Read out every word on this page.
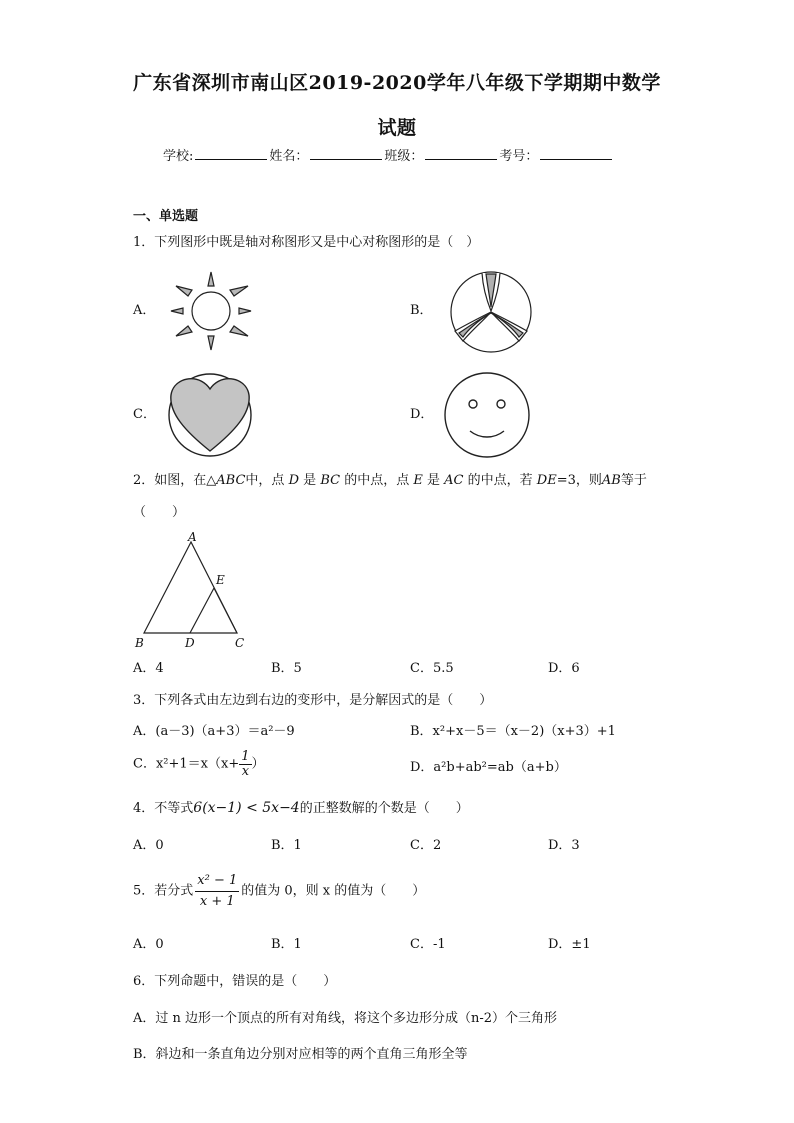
广东省深圳市南山区2019-2020学年八年级下学期期中数学
试题
学校:	姓名：	班级：	考号：
一、单选题
1．下列图形中既是轴对称图形又是中心对称图形的是（　）
A．	B．
C．	D．
2．如图，在△ABC中，点 D 是 BC 的中点，点 E 是 AC 的中点，若 DE=3，则AB等于
（　　）
A
E
B	D	C
A．4	B．5	C．5.5	D．6
3．下列各式由左边到右边的变形中，是分解因式的是（　　）
A．(a－3)（a+3）＝a²－9	B．x²+x－5＝（x－2)（x+3）+1
C．$x^2+1=x(x+ \frac{1}{x}$ ）	D．a²b+ab²=ab（a+b）
4．不等式6(x−1) < 5x−4的正整数解的个数是（　　）
A．0	B．1	C．2	D．3
5．若分式 $\frac{\text{x² − 1}}{x + 1}$ 的值为 0，则 x 的值为（　　）
A．0	B．1	C．-1	D．±1
6．下列命题中，错误的是（　　）
A．过 n 边形一个顶点的所有对角线，将这个多边形分成（n-2）个三角形
B．斜边和一条直角边分别对应相等的两个直角三角形全等
